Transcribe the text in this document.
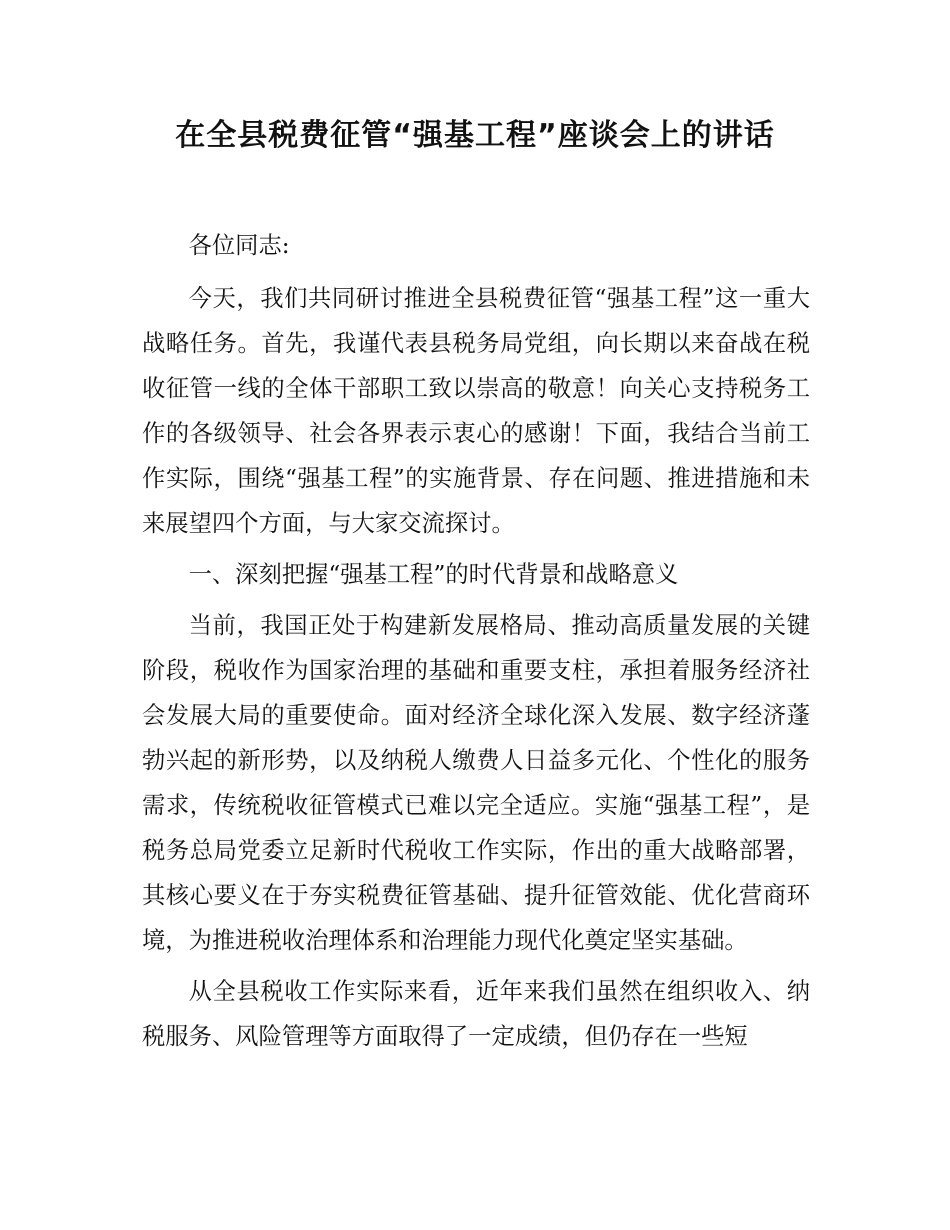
在全县税费征管“强基工程”座谈会上的讲话

各位同志:

今天，我们共同研讨推进全县税费征管“强基工程”这一重大战略任务。首先，我谨代表县税务局党组，向长期以来奋战在税收征管一线的全体干部职工致以崇高的敬意！向关心支持税务工作的各级领导、社会各界表示衷心的感谢！下面，我结合当前工作实际，围绕“强基工程”的实施背景、存在问题、推进措施和未来展望四个方面，与大家交流探讨。

一、深刻把握“强基工程”的时代背景和战略意义

当前，我国正处于构建新发展格局、推动高质量发展的关键阶段，税收作为国家治理的基础和重要支柱，承担着服务经济社会发展大局的重要使命。面对经济全球化深入发展、数字经济蓬勃兴起的新形势，以及纳税人缴费人日益多元化、个性化的服务需求，传统税收征管模式已难以完全适应。实施“强基工程”，是税务总局党委立足新时代税收工作实际，作出的重大战略部署，其核心要义在于夯实税费征管基础、提升征管效能、优化营商环境，为推进税收治理体系和治理能力现代化奠定坚实基础。

从全县税收工作实际来看，近年来我们虽然在组织收入、纳税服务、风险管理等方面取得了一定成绩，但仍存在一些短
